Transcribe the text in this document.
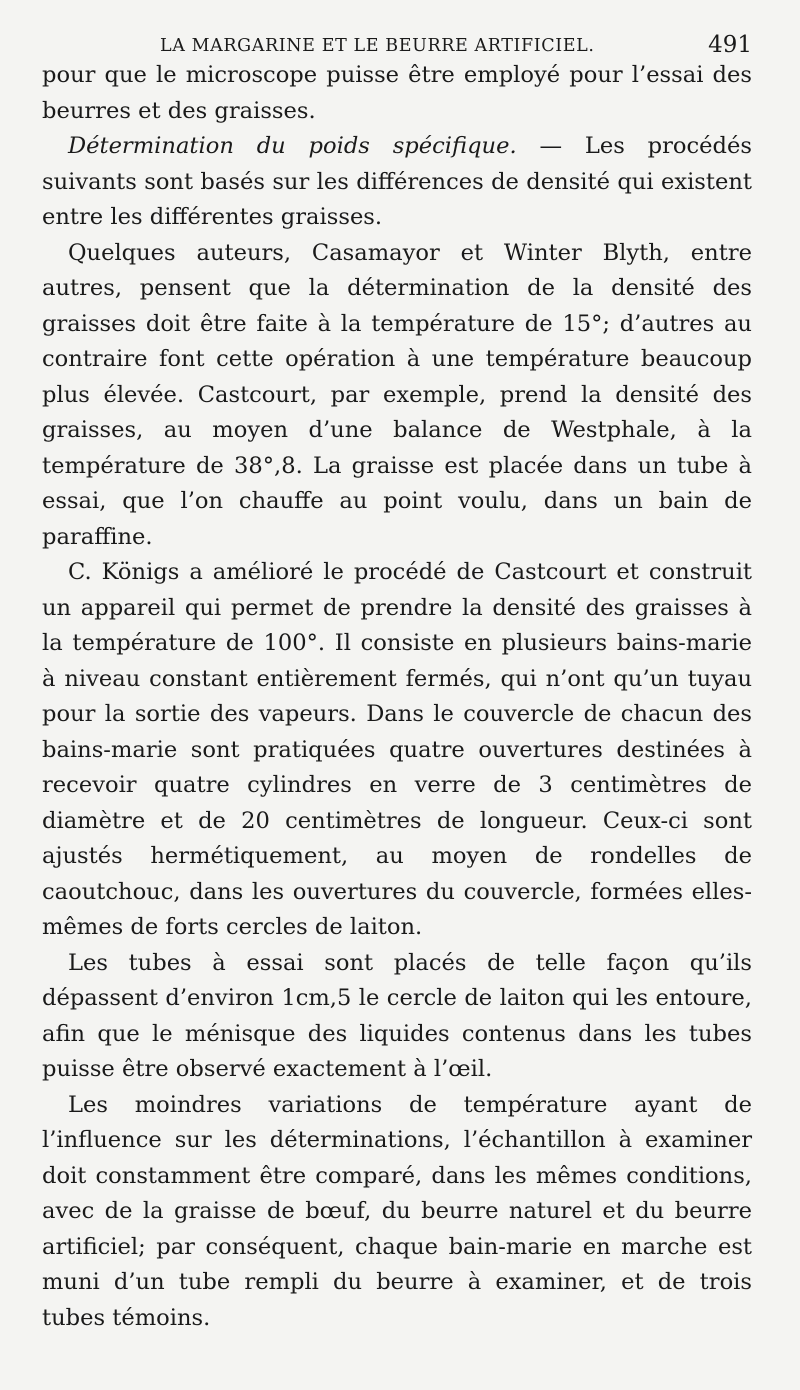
LA MARGARINE ET LE BEURRE ARTIFICIEL.	491

pour que le microscope puisse être employé pour l’essai des beurres et des graisses.

Détermination du poids spécifique. — Les procédés suivants sont basés sur les différences de densité qui existent entre les différentes graisses.

Quelques auteurs, Casamayor et Winter Blyth, entre autres, pensent que la détermination de la densité des graisses doit être faite à la température de 15°; d’autres au contraire font cette opération à une température beaucoup plus élevée. Castcourt, par exemple, prend la densité des graisses, au moyen d’une balance de Westphale, à la température de 38°,8. La graisse est placée dans un tube à essai, que l’on chauffe au point voulu, dans un bain de paraffine.

C. Königs a amélioré le procédé de Castcourt et construit un appareil qui permet de prendre la densité des graisses à la température de 100°. Il consiste en plusieurs bains-marie à niveau constant entièrement fermés, qui n’ont qu’un tuyau pour la sortie des vapeurs. Dans le couvercle de chacun des bains-marie sont pratiquées quatre ouvertures destinées à recevoir quatre cylindres en verre de 3 centimètres de diamètre et de 20 centimètres de longueur. Ceux-ci sont ajustés hermétiquement, au moyen de rondelles de caoutchouc, dans les ouvertures du couvercle, formées elles-mêmes de forts cercles de laiton.

Les tubes à essai sont placés de telle façon qu’ils dépassent d’environ 1cm,5 le cercle de laiton qui les entoure, afin que le ménisque des liquides contenus dans les tubes puisse être observé exactement à l’œil.

Les moindres variations de température ayant de l’influence sur les déterminations, l’échantillon à examiner doit constamment être comparé, dans les mêmes conditions, avec de la graisse de bœuf, du beurre naturel et du beurre artificiel; par conséquent, chaque bain-marie en marche est muni d’un tube rempli du beurre à examiner, et de trois tubes témoins.
